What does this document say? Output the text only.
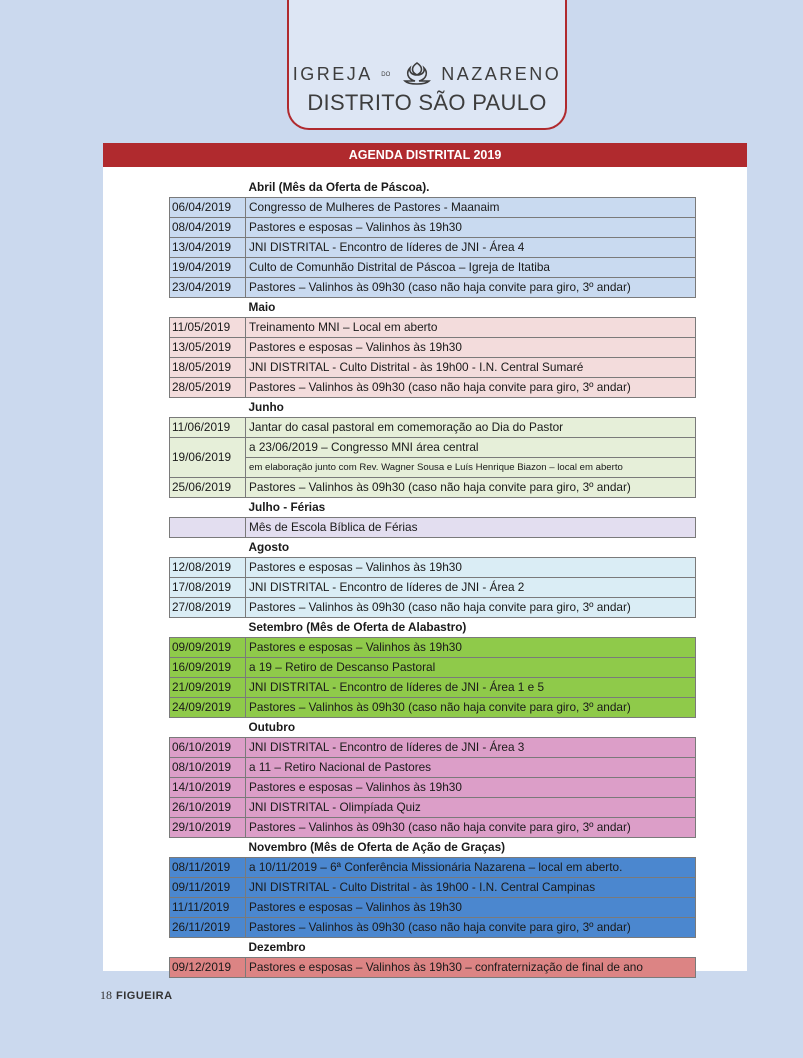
IGREJA DO	NAZARENO
DISTRITO SÃO PAULO
AGENDA DISTRITAL 2019
	Abril (Mês da Oferta de Páscoa).
06/04/2019	Congresso de Mulheres de Pastores - Maanaim
08/04/2019	Pastores e esposas – Valinhos às 19h30
13/04/2019	JNI DISTRITAL - Encontro de líderes de JNI - Área 4
19/04/2019	Culto de Comunhão Distrital de Páscoa – Igreja de Itatiba
23/04/2019	Pastores – Valinhos às 09h30 (caso não haja convite para giro, 3º andar)
	Maio
11/05/2019	Treinamento MNI – Local em aberto
13/05/2019	Pastores e esposas – Valinhos às 19h30
18/05/2019	JNI DISTRITAL - Culto Distrital - às 19h00 - I.N. Central Sumaré
28/05/2019	Pastores – Valinhos às 09h30 (caso não haja convite para giro, 3º andar)
	Junho
11/06/2019	Jantar do casal pastoral em comemoração ao Dia do Pastor
19/06/2019	a 23/06/2019 – Congresso MNI área central
	em elaboração junto com Rev. Wagner Sousa e Luís Henrique Biazon – local em aberto
25/06/2019	Pastores – Valinhos às 09h30 (caso não haja convite para giro, 3º andar)
	Julho - Férias
	Mês de Escola Bíblica de Férias
	Agosto
12/08/2019	Pastores e esposas – Valinhos às 19h30
17/08/2019	JNI DISTRITAL - Encontro de líderes de JNI - Área 2
27/08/2019	Pastores – Valinhos às 09h30 (caso não haja convite para giro, 3º andar)
	Setembro (Mês de Oferta de Alabastro)
09/09/2019	Pastores e esposas – Valinhos às 19h30
16/09/2019	a 19 – Retiro de Descanso Pastoral
21/09/2019	JNI DISTRITAL - Encontro de líderes de JNI - Área 1 e 5
24/09/2019	Pastores – Valinhos às 09h30 (caso não haja convite para giro, 3º andar)
	Outubro
06/10/2019	JNI DISTRITAL - Encontro de líderes de JNI - Área 3
08/10/2019	a 11 – Retiro Nacional de Pastores
14/10/2019	Pastores e esposas – Valinhos às 19h30
26/10/2019	JNI DISTRITAL - Olimpíada Quiz
29/10/2019	Pastores – Valinhos às 09h30 (caso não haja convite para giro, 3º andar)
	Novembro (Mês de Oferta de Ação de Graças)
08/11/2019	a 10/11/2019 – 6ª Conferência Missionária Nazarena – local em aberto.
09/11/2019	JNI DISTRITAL - Culto Distrital - às 19h00 - I.N. Central Campinas
11/11/2019	Pastores e esposas – Valinhos às 19h30
26/11/2019	Pastores – Valinhos às 09h30 (caso não haja convite para giro, 3º andar)
	Dezembro
09/12/2019	Pastores e esposas – Valinhos às 19h30 – confraternização de final de ano
18 FIGUEIRA
